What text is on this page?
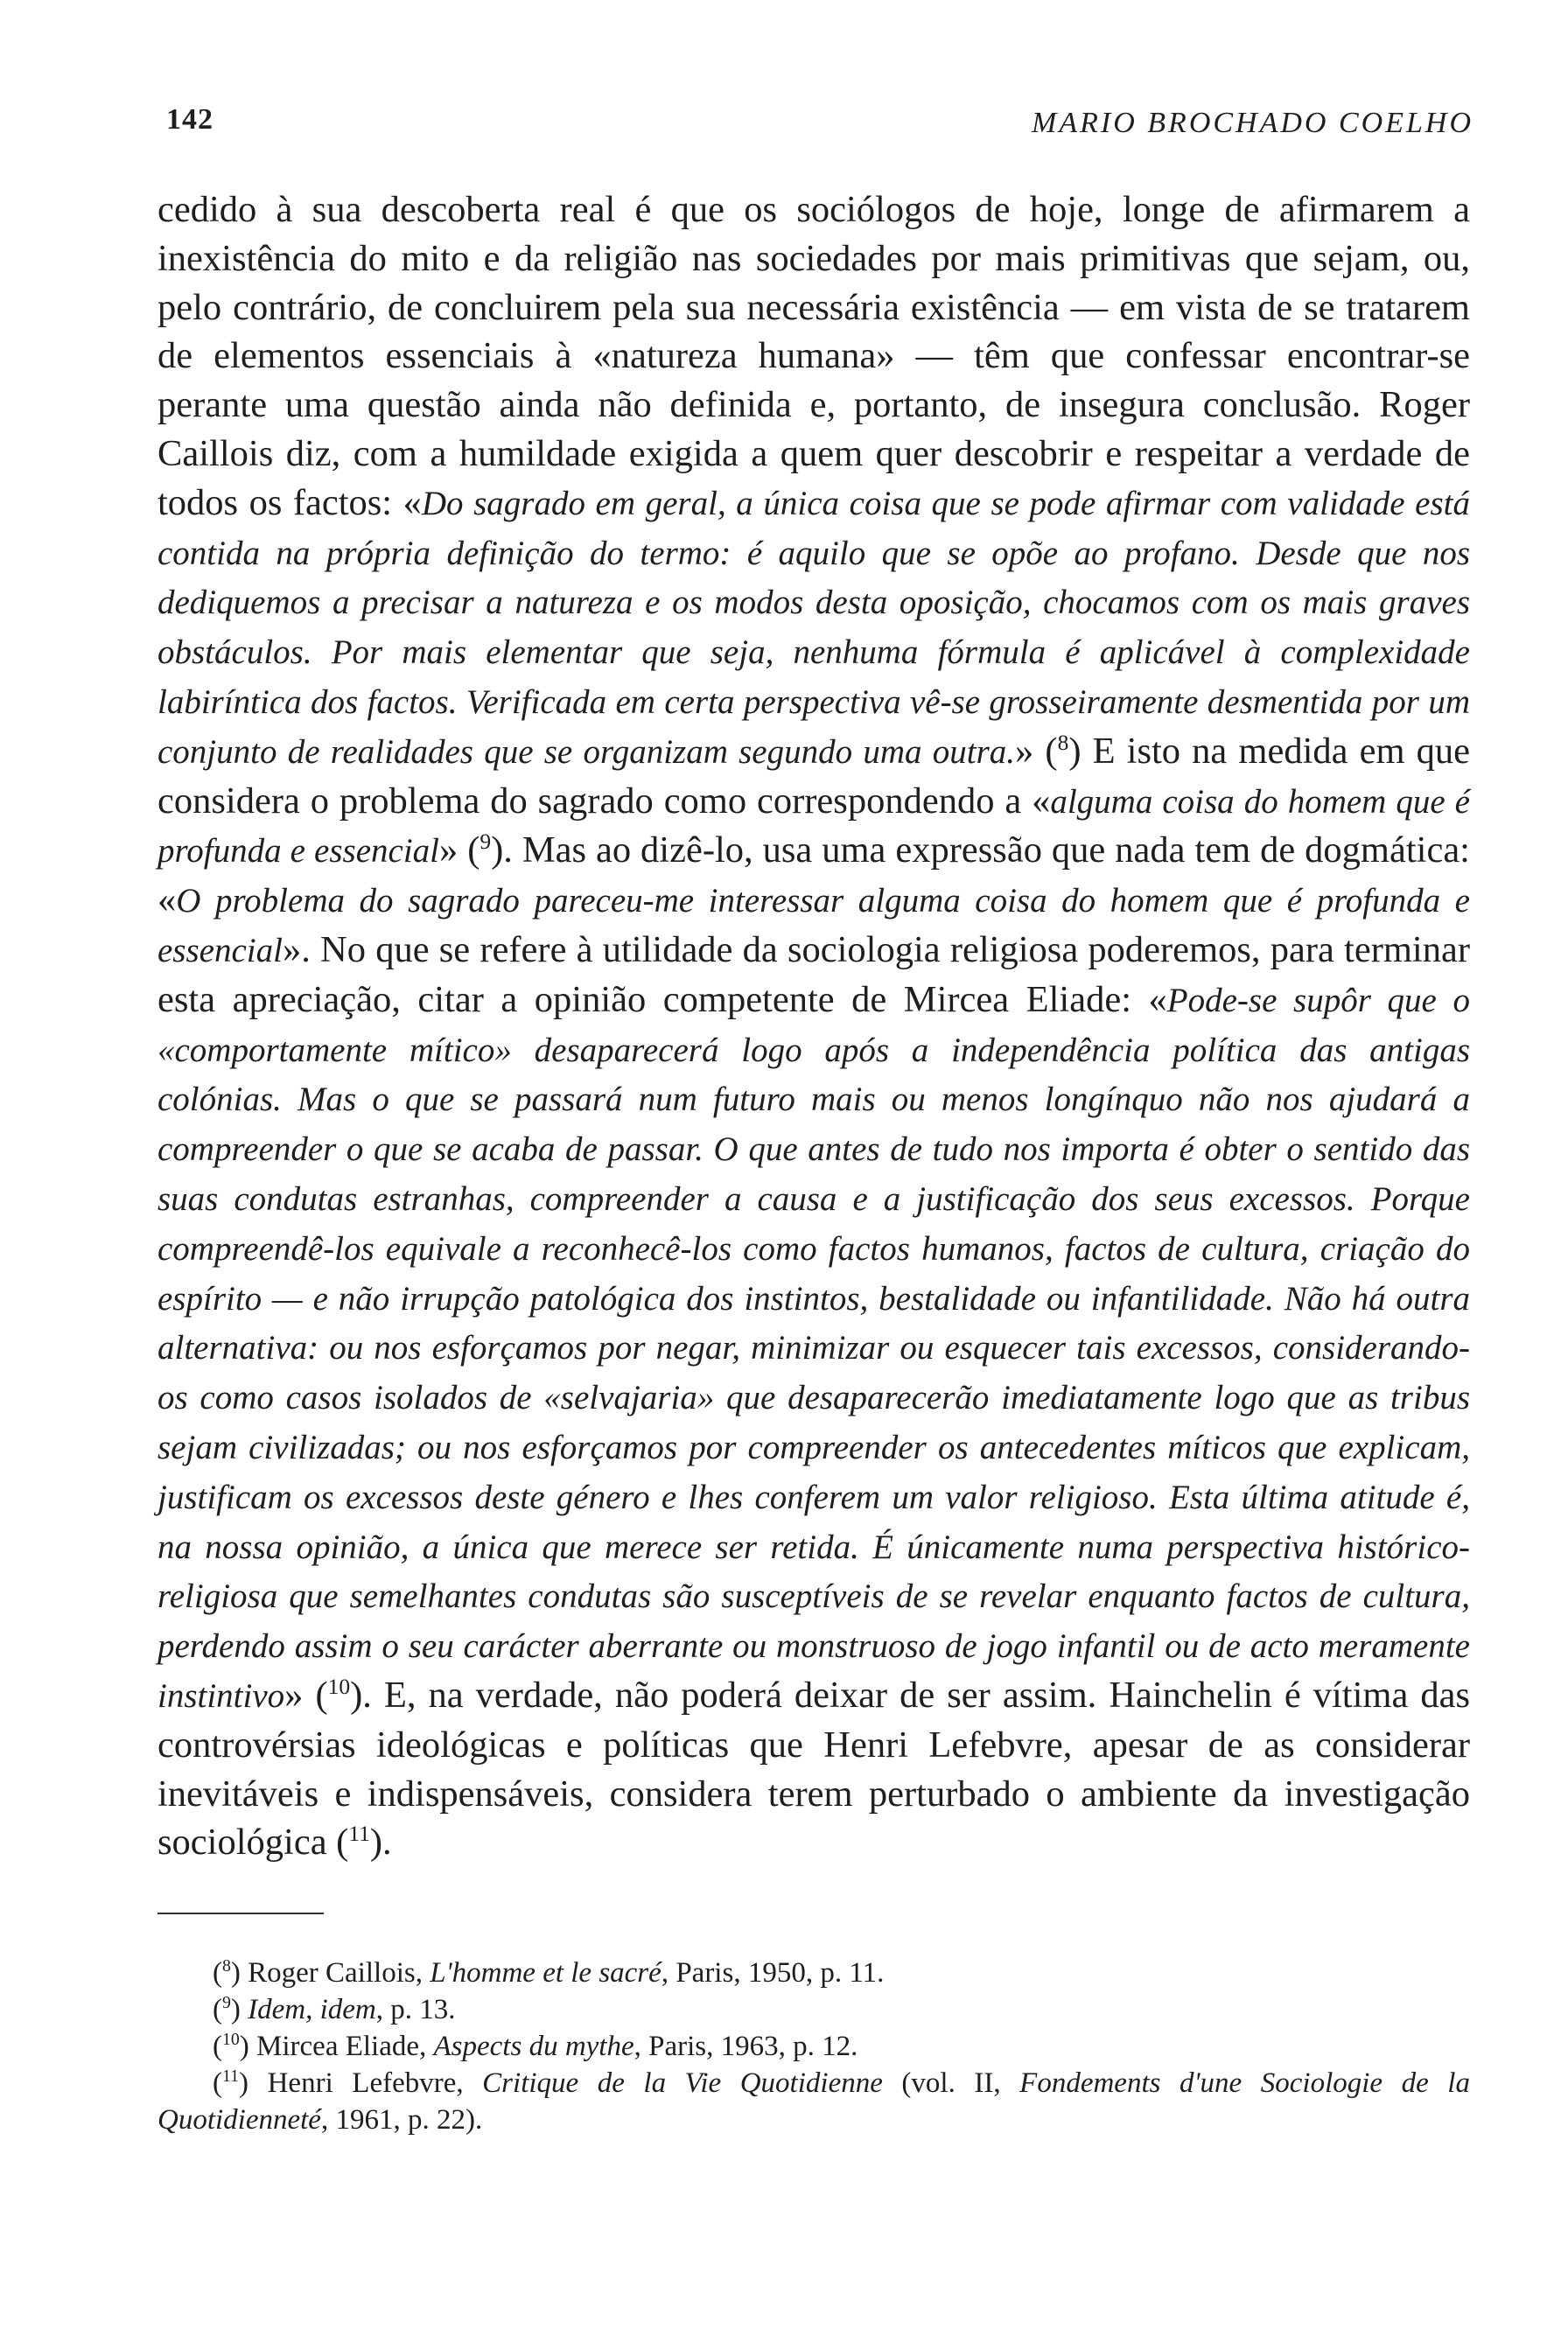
142	MARIO BROCHADO COELHO

cedido à sua descoberta real é que os sociólogos de hoje, longe de afirmarem a inexistência do mito e da religião nas sociedades por mais primitivas que sejam, ou, pelo contrário, de concluirem pela sua necessária existência — em vista de se tratarem de elementos essenciais à «natureza humana» — têm que confessar encontrar-se perante uma questão ainda não definida e, portanto, de insegura conclusão. Roger Caillois diz, com a humildade exigida a quem quer descobrir e respeitar a verdade de todos os factos: «Do sagrado em geral, a única coisa que se pode afirmar com validade está contida na própria definição do termo: é aquilo que se opõe ao profano. Desde que nos dediquemos a precisar a natureza e os modos desta oposição, chocamos com os mais graves obstáculos. Por mais elementar que seja, nenhuma fórmula é aplicável à complexidade labiríntica dos factos. Verificada em certa perspectiva vê-se grosseiramente desmentida por um conjunto de realidades que se organizam segundo uma outra.» ($^8$) E isto na medida em que considera o problema do sagrado como correspondendo a «alguma coisa do homem que é profunda e essencial» ($^9$). Mas ao dizê-lo, usa uma expressão que nada tem de dogmática: «O problema do sagrado pareceu-me interessar alguma coisa do homem que é profunda e essencial». No que se refere à utilidade da sociologia religiosa poderemos, para terminar esta apreciação, citar a opinião competente de Mircea Eliade: «Pode-se supôr que o «comportamente mítico» desaparecerá logo após a independência política das antigas colónias. Mas o que se passará num futuro mais ou menos longínquo não nos ajudará a compreender o que se acaba de passar. O que antes de tudo nos importa é obter o sentido das suas condutas estranhas, compreender a causa e a justificação dos seus excessos. Porque compreendê-los equivale a reconhecê-los como factos humanos, factos de cultura, criação do espírito — e não irrupção patológica dos instintos, bestalidade ou infantilidade. Não há outra alternativa: ou nos esforçamos por negar, minimizar ou esquecer tais excessos, considerando-os como casos isolados de «selvajaria» que desaparecerão imediatamente logo que as tribus sejam civilizadas; ou nos esforçamos por compreender os antecedentes míticos que explicam, justificam os excessos deste género e lhes conferem um valor religioso. Esta última atitude é, na nossa opinião, a única que merece ser retida. É únicamente numa perspectiva histórico-religiosa que semelhantes condutas são susceptíveis de se revelar enquanto factos de cultura, perdendo assim o seu carácter aberrante ou monstruoso de jogo infantil ou de acto meramente instintivo» ($^{10}$). E, na verdade, não poderá deixar de ser assim. Hainchelin é vítima das controvérsias ideológicas e políticas que Henri Lefebvre, apesar de as considerar inevitáveis e indispensáveis, considera terem perturbado o ambiente da investigação sociológica ($^{11}$).

($^8$) Roger Caillois, L'homme et le sacré, Paris, 1950, p. 11.

($^9$) Idem, idem, p. 13.

($^{10}$) Mircea Eliade, Aspects du mythe, Paris, 1963, p. 12.

($^{11}$) Henri Lefebvre, Critique de la Vie Quotidienne (vol. II, Fondements d'une Sociologie de la Quotidienneté, 1961, p. 22).
